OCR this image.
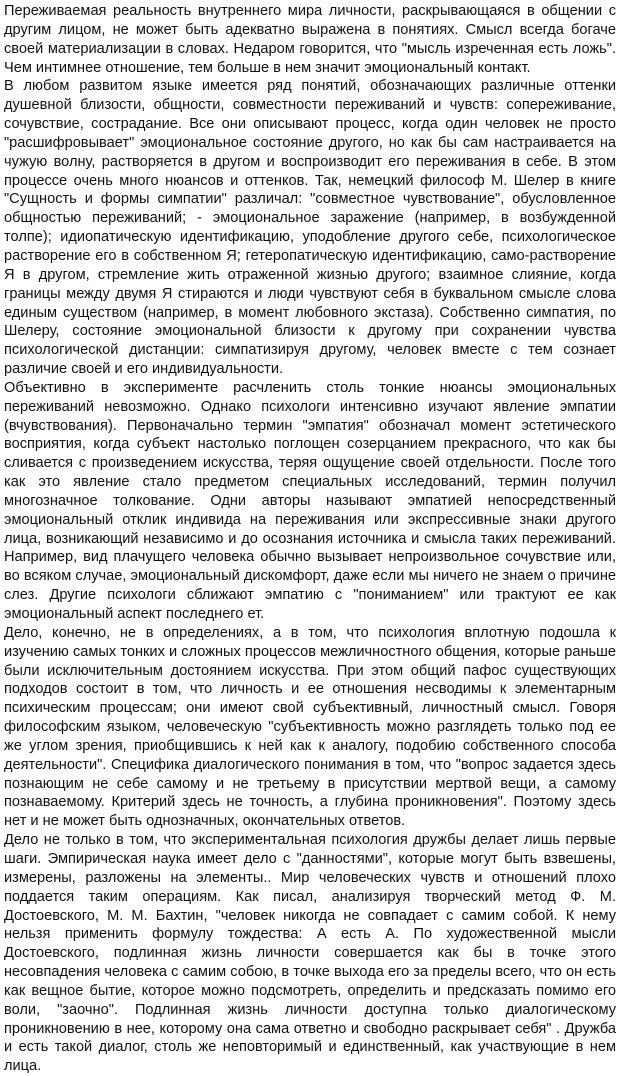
Переживаемая реальность внутреннего мира личности, раскрывающаяся в общении с другим лицом, не может быть адекватно выражена в понятиях. Смысл всегда богаче своей материализации в словах. Недаром говорится, что "мысль изреченная есть ложь". Чем интимнее отношение, тем больше в нем значит эмоциональный контакт.

В любом развитом языке имеется ряд понятий, обозначающих различные оттенки душевной близости, общности, совместности переживаний и чувств: сопереживание, сочувствие, сострадание. Все они описывают процесс, когда один человек не просто "расшифровывает" эмоциональное состояние другого, но как бы сам настраивается на чужую волну, растворяется в другом и воспроизводит его переживания в себе. В этом процессе очень много нюансов и оттенков. Так, немецкий философ М. Шелер в книге "Сущность и формы симпатии" различал: "совместное чувствование", обусловленное общностью переживаний; - эмоциональное заражение (например, в возбужденной толпе); идиопатическую идентификацию, уподобление другого себе, психологическое растворение его в собственном Я; гетеропатическую идентификацию, само-растворение Я в другом, стремление жить отраженной жизнью другого; взаимное слияние, когда границы между двумя Я стираются и люди чувствуют себя в буквальном смысле слова единым существом (например, в момент любовного экстаза). Собственно симпатия, по Шелеру, состояние эмоциональной близости к другому при сохранении чувства психологической дистанции: симпатизируя другому, человек вместе с тем сознает различие своей и его индивидуальности.

Объективно в эксперименте расчленить столь тонкие нюансы эмоциональных переживаний невозможно. Однако психологи интенсивно изучают явление эмпатии (вчувствования). Первоначально термин "эмпатия" обозначал момент эстетического восприятия, когда субъект настолько поглощен созерцанием прекрасного, что как бы сливается с произведением искусства, теряя ощущение своей отдельности. После того как это явление стало предметом специальных исследований, термин получил многозначное толкование. Одни авторы называют эмпатией непосредственный эмоциональный отклик индивида на переживания или экспрессивные знаки другого лица, возникающий независимо и до осознания источника и смысла таких переживаний. Например, вид плачущего человека обычно вызывает непроизвольное сочувствие или, во всяком случае, эмоциональный дискомфорт, даже если мы ничего не знаем о причине слез. Другие психологи сближают эмпатию с "пониманием" или трактуют ее как эмоциональный аспект последнего ет.

Дело, конечно, не в определениях, а в том, что психология вплотную подошла к изучению самых тонких и сложных процессов межличностного общения, которые раньше были исключительным достоянием искусства. При этом общий пафос существующих подходов состоит в том, что личность и ее отношения несводимы к элементарным психическим процессам; они имеют свой субъективный, личностный смысл. Говоря философским языком, человеческую "субъективность можно разглядеть только под ее же углом зрения, приобщившись к ней как к аналогу, подобию собственного способа деятельности". Специфика диалогического понимания в том, что "вопрос задается здесь познающим не себе самому и не третьему в присутствии мертвой вещи, а самому познаваемому. Критерий здесь не точность, а глубина проникновения". Поэтому здесь нет и не может быть однозначных, окончательных ответов.

Дело не только в том, что экспериментальная психология дружбы делает лишь первые шаги. Эмпирическая наука имеет дело с "данностями", которые могут быть взвешены, измерены, разложены на элементы.. Мир человеческих чувств и отношений плохо поддается таким операциям. Как писал, анализируя творческий метод Ф. М. Достоевского, М. М. Бахтин, "человек никогда не совпадает с самим собой. К нему нельзя применить формулу тождества: А есть А. По художественной мысли Достоевского, подлинная жизнь личности совершается как бы в точке этого несовпадения человека с самим собою, в точке выхода его за пределы всего, что он есть как вещное бытие, которое можно подсмотреть, определить и предсказать помимо его воли, "заочно". Подлинная жизнь личности доступна только диалогическому проникновению в нее, которому она сама ответно и свободно раскрывает себя" . Дружба и есть такой диалог, столь же неповторимый и единственный, как участвующие в нем лица.
